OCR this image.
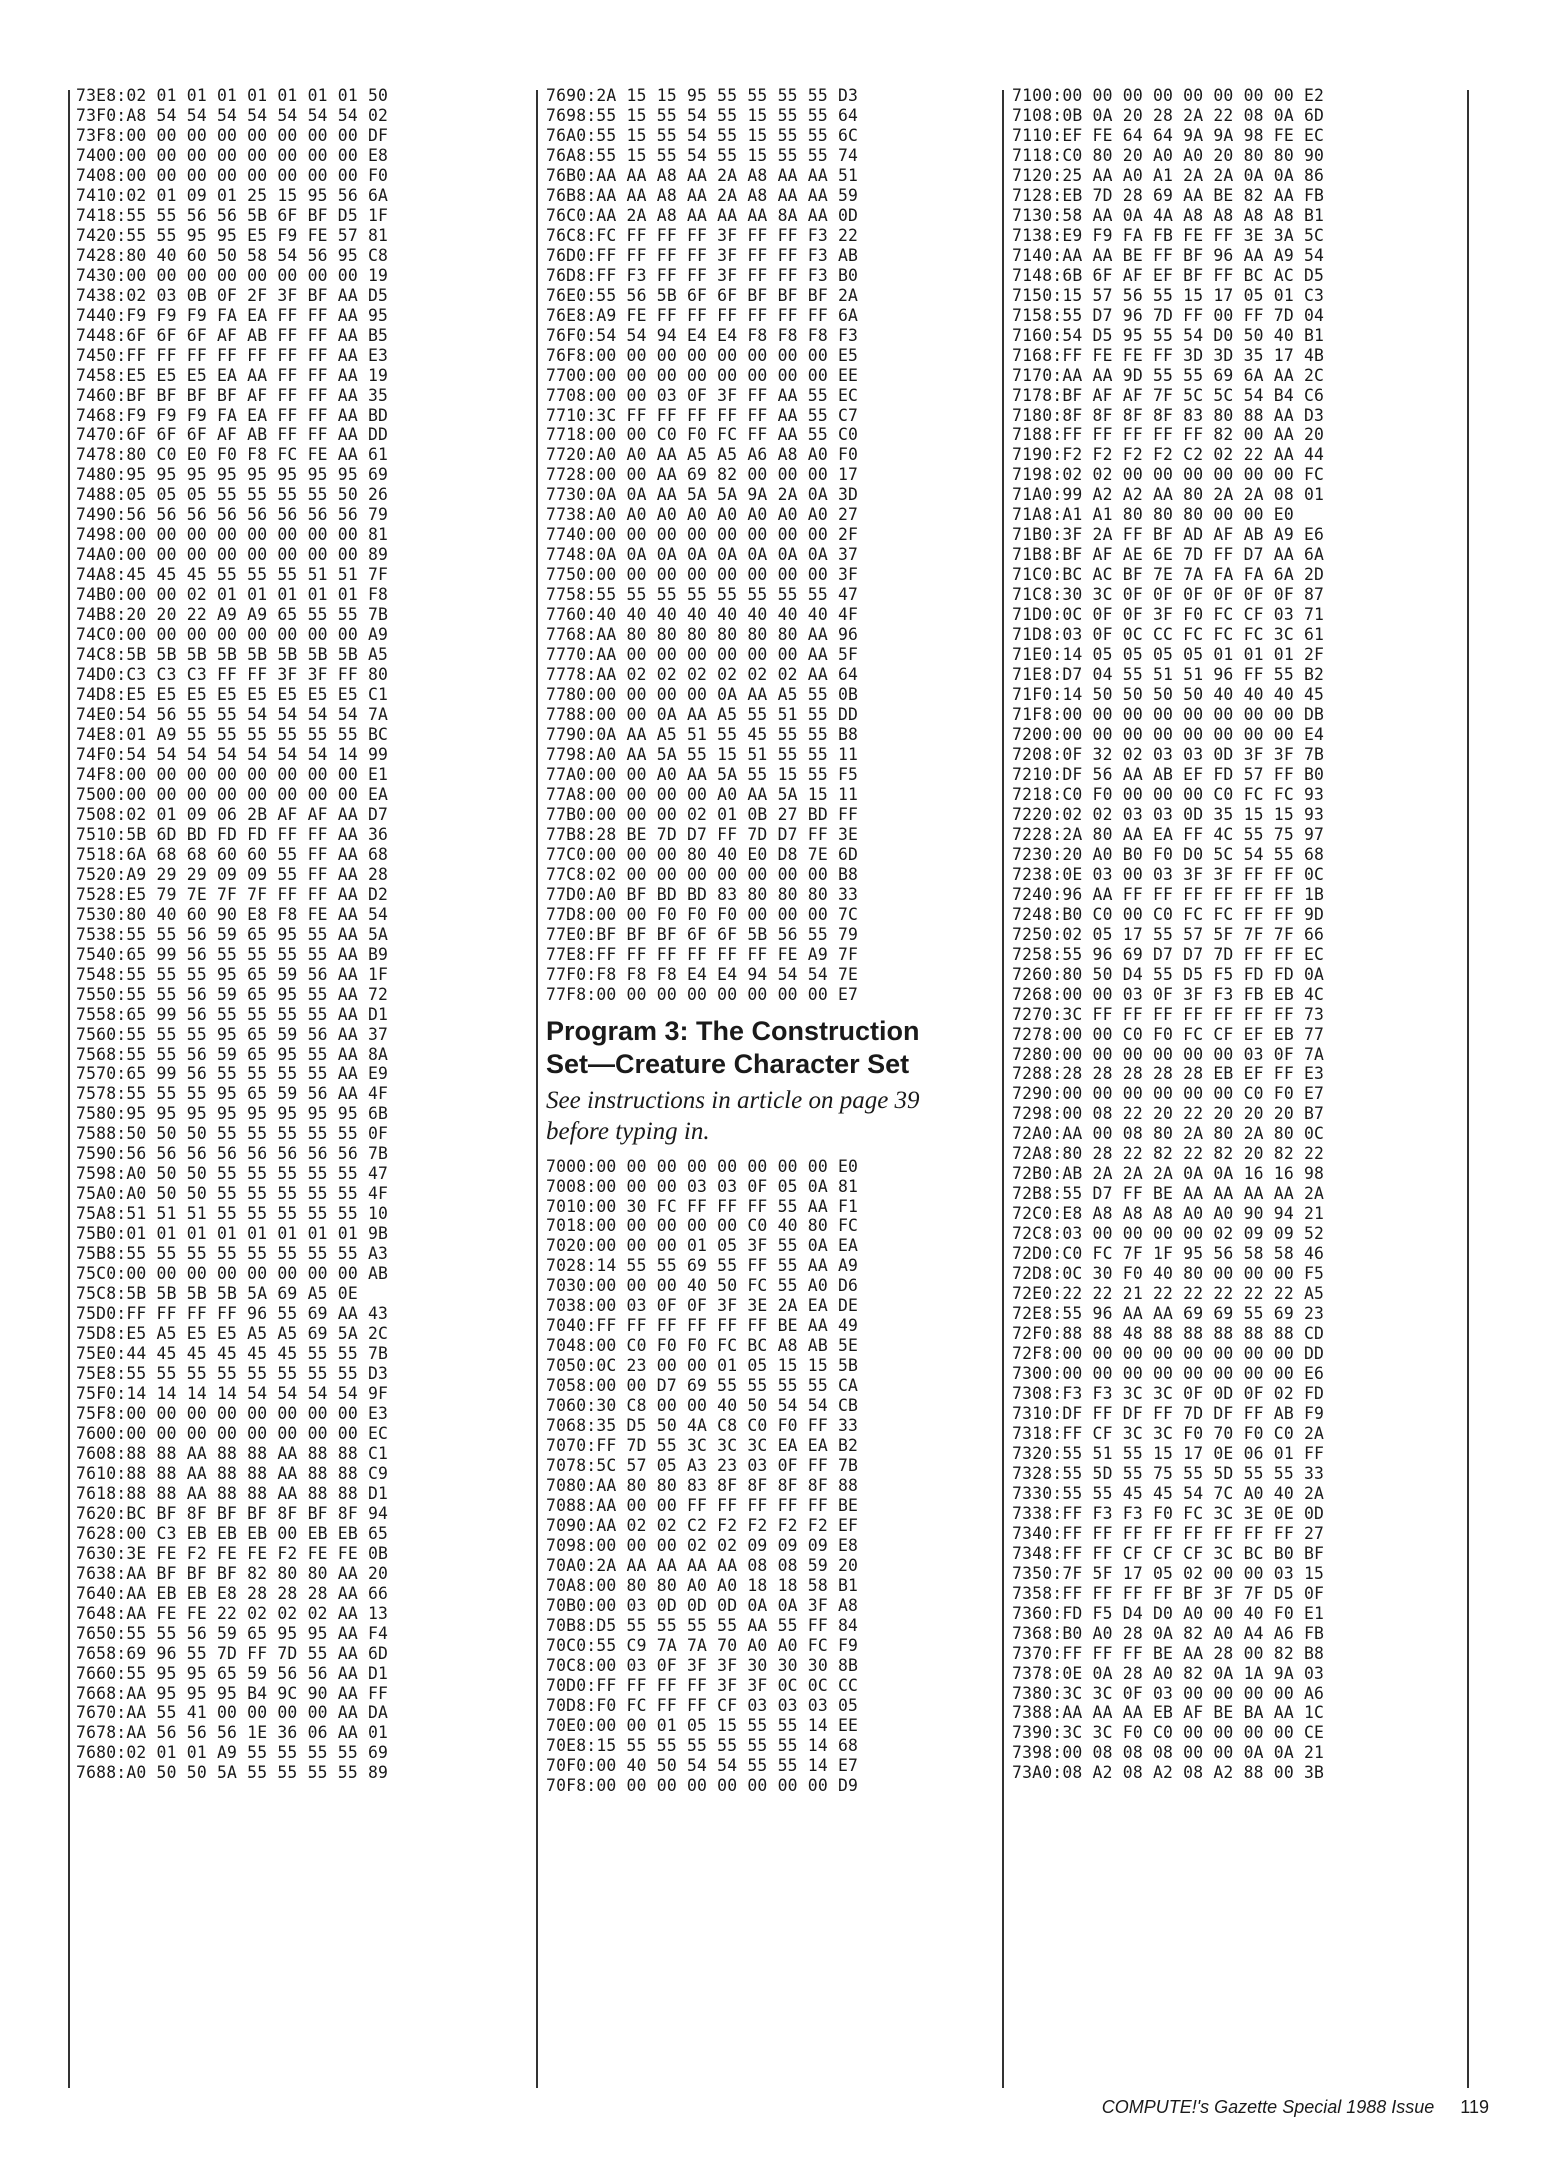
73E8:02 01 01 01 01 01 01 01 50
73F0:A8 54 54 54 54 54 54 54 02
73F8:00 00 00 00 00 00 00 00 DF
7400:00 00 00 00 00 00 00 00 E8
7408:00 00 00 00 00 00 00 00 F0
7410:02 01 09 01 25 15 95 56 6A
7418:55 55 56 56 5B 6F BF D5 1F
7420:55 55 95 95 E5 F9 FE 57 81
7428:80 40 60 50 58 54 56 95 C8
7430:00 00 00 00 00 00 00 00 19
7438:02 03 0B 0F 2F 3F BF AA D5
7440:F9 F9 F9 FA EA FF FF AA 95
7448:6F 6F 6F AF AB FF FF AA B5
7450:FF FF FF FF FF FF FF AA E3
7458:E5 E5 E5 EA AA FF FF AA 19
7460:BF BF BF BF AF FF FF AA 35
7468:F9 F9 F9 FA EA FF FF AA BD
7470:6F 6F 6F AF AB FF FF AA DD
7478:80 C0 E0 F0 F8 FC FE AA 61
7480:95 95 95 95 95 95 95 95 69
7488:05 05 05 55 55 55 55 50 26
7490:56 56 56 56 56 56 56 56 79
7498:00 00 00 00 00 00 00 00 81
74A0:00 00 00 00 00 00 00 00 89
74A8:45 45 45 55 55 55 51 51 7F
74B0:00 00 02 01 01 01 01 01 F8
74B8:20 20 22 A9 A9 65 55 55 7B
74C0:00 00 00 00 00 00 00 00 A9
74C8:5B 5B 5B 5B 5B 5B 5B 5B A5
74D0:C3 C3 C3 FF FF 3F 3F FF 80
74D8:E5 E5 E5 E5 E5 E5 E5 E5 C1
74E0:54 56 55 55 54 54 54 54 7A
74E8:01 A9 55 55 55 55 55 55 BC
74F0:54 54 54 54 54 54 54 14 99
74F8:00 00 00 00 00 00 00 00 E1
7500:00 00 00 00 00 00 00 00 EA
7508:02 01 09 06 2B AF AF AA D7
7510:5B 6D BD FD FD FF FF AA 36
7518:6A 68 68 60 60 55 FF AA 68
7520:A9 29 29 09 09 55 FF AA 28
7528:E5 79 7E 7F 7F FF FF AA D2
7530:80 40 60 90 E8 F8 FE AA 54
7538:55 55 56 59 65 95 55 AA 5A
7540:65 99 56 55 55 55 55 AA B9
7548:55 55 55 95 65 59 56 AA 1F
7550:55 55 56 59 65 95 55 AA 72
7558:65 99 56 55 55 55 55 AA D1
7560:55 55 55 95 65 59 56 AA 37
7568:55 55 56 59 65 95 55 AA 8A
7570:65 99 56 55 55 55 55 AA E9
7578:55 55 55 95 65 59 56 AA 4F
7580:95 95 95 95 95 95 95 95 6B
7588:50 50 50 55 55 55 55 55 0F
7590:56 56 56 56 56 56 56 56 7B
7598:A0 50 50 55 55 55 55 55 47
75A0:A0 50 50 55 55 55 55 55 4F
75A8:51 51 51 55 55 55 55 55 10
75B0:01 01 01 01 01 01 01 01 9B
75B8:55 55 55 55 55 55 55 55 A3
75C0:00 00 00 00 00 00 00 00 AB
75C8:5B 5B 5B 5B 5A 69 A5 0E
75D0:FF FF FF FF 96 55 69 AA 43
75D8:E5 A5 E5 E5 A5 A5 69 5A 2C
75E0:44 45 45 45 45 45 55 55 7B
75E8:55 55 55 55 55 55 55 55 D3
75F0:14 14 14 14 54 54 54 54 9F
75F8:00 00 00 00 00 00 00 00 E3
7600:00 00 00 00 00 00 00 00 EC
7608:88 88 AA 88 88 AA 88 88 C1
7610:88 88 AA 88 88 AA 88 88 C9
7618:88 88 AA 88 88 AA 88 88 D1
7620:BC BF 8F BF BF 8F BF 8F 94
7628:00 C3 EB EB EB 00 EB EB 65
7630:3E FE F2 FE FE F2 FE FE 0B
7638:AA BF BF BF 82 80 80 AA 20
7640:AA EB EB E8 28 28 28 AA 66
7648:AA FE FE 22 02 02 02 AA 13
7650:55 55 56 59 65 95 95 AA F4
7658:69 96 55 7D FF 7D 55 AA 6D
7660:55 95 95 65 59 56 56 AA D1
7668:AA 95 95 95 B4 9C 90 AA FF
7670:AA 55 41 00 00 00 00 AA DA
7678:AA 56 56 56 1E 36 06 AA 01
7680:02 01 01 A9 55 55 55 55 69
7688:A0 50 50 5A 55 55 55 55 89
7690:2A 15 15 95 55 55 55 55 D3
7698:55 15 55 54 55 15 55 55 64
76A0:55 15 55 54 55 15 55 55 6C
76A8:55 15 55 54 55 15 55 55 74
76B0:AA AA A8 AA 2A A8 AA AA 51
76B8:AA AA A8 AA 2A A8 AA AA 59
76C0:AA 2A A8 AA AA AA 8A AA 0D
76C8:FC FF FF FF 3F FF FF F3 22
76D0:FF FF FF FF 3F FF FF F3 AB
76D8:FF F3 FF FF 3F FF FF F3 B0
76E0:55 56 5B 6F 6F BF BF BF 2A
76E8:A9 FE FF FF FF FF FF FF 6A
76F0:54 54 94 E4 E4 F8 F8 F8 F3
76F8:00 00 00 00 00 00 00 00 E5
7700:00 00 00 00 00 00 00 00 EE
7708:00 00 03 0F 3F FF AA 55 EC
7710:3C FF FF FF FF FF AA 55 C7
7718:00 00 C0 F0 FC FF AA 55 C0
7720:A0 A0 AA A5 A5 A6 A8 A0 F0
7728:00 00 AA 69 82 00 00 00 17
7730:0A 0A AA 5A 5A 9A 2A 0A 3D
7738:A0 A0 A0 A0 A0 A0 A0 A0 27
7740:00 00 00 00 00 00 00 00 2F
7748:0A 0A 0A 0A 0A 0A 0A 0A 37
7750:00 00 00 00 00 00 00 00 3F
7758:55 55 55 55 55 55 55 55 47
7760:40 40 40 40 40 40 40 40 4F
7768:AA 80 80 80 80 80 80 AA 96
7770:AA 00 00 00 00 00 00 AA 5F
7778:AA 02 02 02 02 02 02 AA 64
7780:00 00 00 00 0A AA A5 55 0B
7788:00 00 0A AA A5 55 51 55 DD
7790:0A AA A5 51 55 45 55 55 B8
7798:A0 AA 5A 55 15 51 55 55 11
77A0:00 00 A0 AA 5A 55 15 55 F5
77A8:00 00 00 00 A0 AA 5A 15 11
77B0:00 00 00 02 01 0B 27 BD FF
77B8:28 BE 7D D7 FF 7D D7 FF 3E
77C0:00 00 00 80 40 E0 D8 7E 6D
77C8:02 00 00 00 00 00 00 00 B8
77D0:A0 BF BD BD 83 80 80 80 33
77D8:00 00 F0 F0 F0 00 00 00 7C
77E0:BF BF BF 6F 6F 5B 56 55 79
77E8:FF FF FF FF FF FF FE A9 7F
77F0:F8 F8 F8 E4 E4 94 54 54 7E
77F8:00 00 00 00 00 00 00 00 E7
Program 3: The Construction
Set—Creature Character Set
See instructions in article on page 39 before typing in.
7000:00 00 00 00 00 00 00 00 E0
7008:00 00 00 03 03 0F 05 0A 81
7010:00 30 FC FF FF FF 55 AA F1
7018:00 00 00 00 00 C0 40 80 FC
7020:00 00 00 01 05 3F 55 0A EA
7028:14 55 55 69 55 FF 55 AA A9
7030:00 00 00 40 50 FC 55 A0 D6
7038:00 03 0F 0F 3F 3E 2A EA DE
7040:FF FF FF FF FF FF BE AA 49
7048:00 C0 F0 F0 FC BC A8 AB 5E
7050:0C 23 00 00 01 05 15 15 5B
7058:00 00 D7 69 55 55 55 55 CA
7060:30 C8 00 00 40 50 54 54 CB
7068:35 D5 50 4A C8 C0 F0 FF 33
7070:FF 7D 55 3C 3C 3C EA EA B2
7078:5C 57 05 A3 23 03 0F FF 7B
7080:AA 80 80 83 8F 8F 8F 8F 88
7088:AA 00 00 FF FF FF FF FF BE
7090:AA 02 02 C2 F2 F2 F2 F2 EF
7098:00 00 00 02 02 09 09 09 E8
70A0:2A AA AA AA AA 08 08 59 20
70A8:00 80 80 A0 A0 18 18 58 B1
70B0:00 03 0D 0D 0D 0A 0A 3F A8
70B8:D5 55 55 55 55 AA 55 FF 84
70C0:55 C9 7A 7A 70 A0 A0 FC F9
70C8:00 03 0F 3F 3F 30 30 30 8B
70D0:FF FF FF FF 3F 3F 0C 0C CC
70D8:F0 FC FF FF CF 03 03 03 05
70E0:00 00 01 05 15 55 55 14 EE
70E8:15 55 55 55 55 55 55 14 68
70F0:00 40 50 54 54 55 55 14 E7
70F8:00 00 00 00 00 00 00 00 D9
7100:00 00 00 00 00 00 00 00 E2
7108:0B 0A 20 28 2A 22 08 0A 6D
7110:EF FE 64 64 9A 9A 98 FE EC
7118:C0 80 20 A0 A0 20 80 80 90
7120:25 AA A0 A1 2A 2A 0A 0A 86
7128:EB 7D 28 69 AA BE 82 AA FB
7130:58 AA 0A 4A A8 A8 A8 A8 B1
7138:E9 F9 FA FB FE FF 3E 3A 5C
7140:AA AA BE FF BF 96 AA A9 54
7148:6B 6F AF EF BF FF BC AC D5
7150:15 57 56 55 15 17 05 01 C3
7158:55 D7 96 7D FF 00 FF 7D 04
7160:54 D5 95 55 54 D0 50 40 B1
7168:FF FE FE FF 3D 3D 35 17 4B
7170:AA AA 9D 55 55 69 6A AA 2C
7178:BF AF AF 7F 5C 5C 54 B4 C6
7180:8F 8F 8F 8F 83 80 88 AA D3
7188:FF FF FF FF FF 82 00 AA 20
7190:F2 F2 F2 F2 C2 02 22 AA 44
7198:02 02 00 00 00 00 00 00 FC
71A0:99 A2 A2 AA 80 2A 2A 08 01
71A8:A1 A1 80 80 80 00 00 E0
71B0:3F 2A FF BF AD AF AB A9 E6
71B8:BF AF AE 6E 7D FF D7 AA 6A
71C0:BC AC BF 7E 7A FA FA 6A 2D
71C8:30 3C 0F 0F 0F 0F 0F 0F 87
71D0:0C 0F 0F 3F F0 FC CF 03 71
71D8:03 0F 0C CC FC FC FC 3C 61
71E0:14 05 05 05 05 01 01 01 2F
71E8:D7 04 55 51 51 96 FF 55 B2
71F0:14 50 50 50 50 40 40 40 45
71F8:00 00 00 00 00 00 00 00 DB
7200:00 00 00 00 00 00 00 00 E4
7208:0F 32 02 03 03 0D 3F 3F 7B
7210:DF 56 AA AB EF FD 57 FF B0
7218:C0 F0 00 00 00 C0 FC FC 93
7220:02 02 03 03 0D 35 15 15 93
7228:2A 80 AA EA FF 4C 55 75 97
7230:20 A0 B0 F0 D0 5C 54 55 68
7238:0E 03 00 03 3F 3F FF FF 0C
7240:96 AA FF FF FF FF FF FF 1B
7248:B0 C0 00 C0 FC FC FF FF 9D
7250:02 05 17 55 57 5F 7F 7F 66
7258:55 96 69 D7 D7 7D FF FF EC
7260:80 50 D4 55 D5 F5 FD FD 0A
7268:00 00 03 0F 3F F3 FB EB 4C
7270:3C FF FF FF FF FF FF FF 73
7278:00 00 C0 F0 FC CF EF EB 77
7280:00 00 00 00 00 00 03 0F 7A
7288:28 28 28 28 28 EB EF FF E3
7290:00 00 00 00 00 00 C0 F0 E7
7298:00 08 22 20 22 20 20 20 B7
72A0:AA 00 08 80 2A 80 2A 80 0C
72A8:80 28 22 82 22 82 20 82 22
72B0:AB 2A 2A 2A 0A 0A 16 16 98
72B8:55 D7 FF BE AA AA AA AA 2A
72C0:E8 A8 A8 A8 A0 A0 90 94 21
72C8:03 00 00 00 00 02 09 09 52
72D0:C0 FC 7F 1F 95 56 58 58 46
72D8:0C 30 F0 40 80 00 00 00 F5
72E0:22 22 21 22 22 22 22 22 A5
72E8:55 96 AA AA 69 69 55 69 23
72F0:88 88 48 88 88 88 88 88 CD
72F8:00 00 00 00 00 00 00 00 DD
7300:00 00 00 00 00 00 00 00 E6
7308:F3 F3 3C 3C 0F 0D 0F 02 FD
7310:DF FF DF FF 7D DF FF AB F9
7318:FF CF 3C 3C F0 70 F0 C0 2A
7320:55 51 55 15 17 0E 06 01 FF
7328:55 5D 55 75 55 5D 55 55 33
7330:55 55 45 45 54 7C A0 40 2A
7338:FF F3 F3 F0 FC 3C 3E 0E 0D
7340:FF FF FF FF FF FF FF FF 27
7348:FF FF CF CF CF 3C BC B0 BF
7350:7F 5F 17 05 02 00 00 03 15
7358:FF FF FF FF BF 3F 7F D5 0F
7360:FD F5 D4 D0 A0 00 40 F0 E1
7368:B0 A0 28 0A 82 A0 A4 A6 FB
7370:FF FF FF BE AA 28 00 82 B8
7378:0E 0A 28 A0 82 0A 1A 9A 03
7380:3C 3C 0F 03 00 00 00 00 A6
7388:AA AA AA EB AF BE BA AA 1C
7390:3C 3C F0 C0 00 00 00 00 CE
7398:00 08 08 08 00 00 0A 0A 21
73A0:08 A2 08 A2 08 A2 88 00 3B
COMPUTE!'s Gazette Special 1988 Issue 119
